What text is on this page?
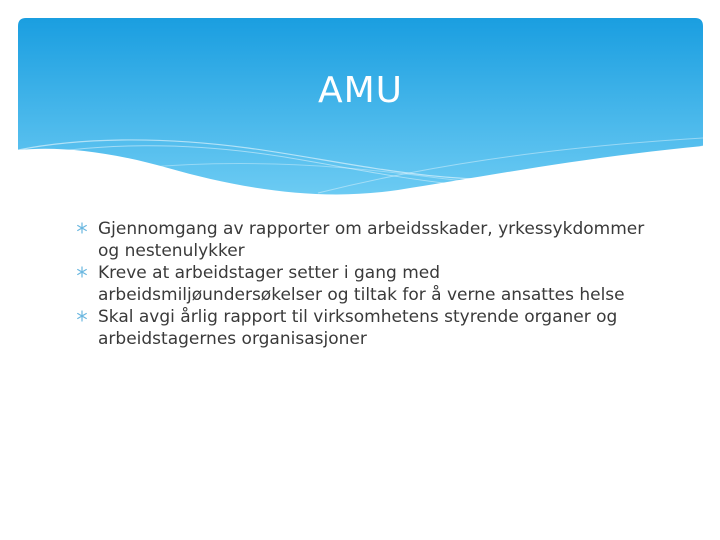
AMU
Gjennomgang av rapporter om arbeidsskader, yrkessykdommer og nestenulykker
Kreve at arbeidstager setter i gang med arbeidsmiljøundersøkelser og tiltak for å verne ansattes helse
Skal avgi årlig rapport til virksomhetens styrende organer og arbeidstagernes organisasjoner
